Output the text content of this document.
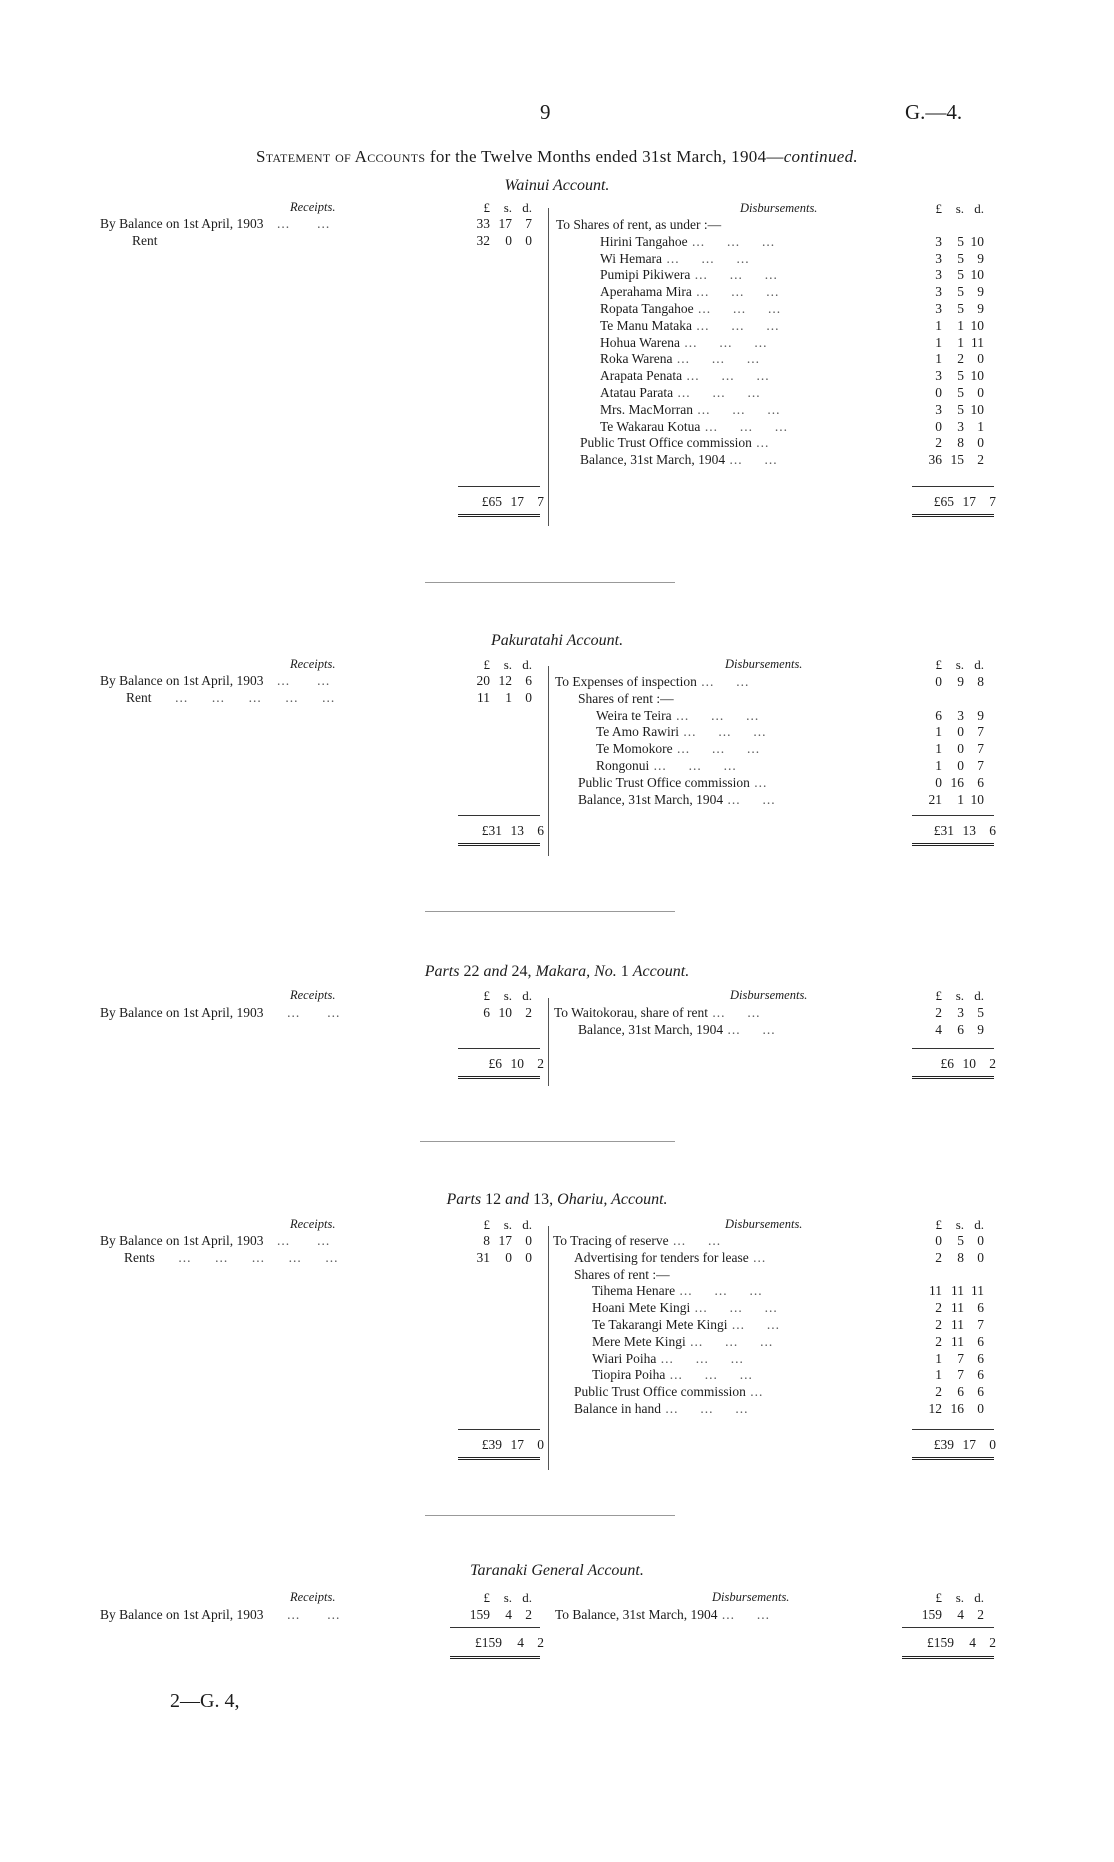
9	G.—4.
Statement of Accounts for the Twelve Months ended 31st March, 1904—continued.
Wainui Account.
Receipts.	£ s. d.	Disbursements.	£ s. d.
By Balance on 1st April, 1903 ... ...	33 17 7
Rent	32 0 0
To Shares of rent, as under :—
Hirini Tangahoe ...     ...     ...	3 5 10
Wi Hemara ...     ...     ...	3 5 9
Pumipi Pikiwera ...     ...     ...	3 5 10
Aperahama Mira ...     ...     ...	3 5 9
Ropata Tangahoe ...     ...     ...	3 5 9
Te Manu Mataka ...     ...     ...	1 1 10
Hohua Warena ...     ...     ...	1 1 11
Roka Warena ...     ...     ...	1 2 0
Arapata Penata ...     ...     ...	3 5 10
Atatau Parata ...     ...     ...	0 5 0
Mrs. MacMorran ...     ...     ...	3 5 10
Te Wakarau Kotua ...     ...     ...	0 3 1
Public Trust Office commission ...	2 8 0
Balance, 31st March, 1904 ...     ...	36 15 2
£65 17 7	£65 17 7
Pakuratahi Account.
Receipts.	£ s. d.	Disbursements.	£ s. d.
By Balance on 1st April, 1903 ... ...	20 12 6
Rent ... ... ... ... ...	11 1 0
To Expenses of inspection ...     ...	0 9 8
Shares of rent :—
Weira te Teira ...     ...     ...	6 3 9
Te Amo Rawiri ...     ...     ...	1 0 7
Te Momokore ...     ...     ...	1 0 7
Rongonui ...     ...     ...	1 0 7
Public Trust Office commission ...	0 16 6
Balance, 31st March, 1904 ...     ...	21 1 10
£31 13 6	£31 13 6
Parts 22 and 24, Makara, No. 1 Account.
Receipts.	£ s. d.	Disbursements.	£ s. d.
By Balance on 1st April, 1903 ... ...	6 10 2 To Waitokorau, share of rent ...     ...	2 3 5
Balance, 31st March, 1904 ...     ...	4 6 9
£6 10 2	£6 10 2
Parts 12 and 13, Ohariu, Account.
Receipts.	£ s. d.	Disbursements.	£ s. d.
By Balance on 1st April, 1903 ... ...	8 17 0
Rents ... ... ... ... ...	31 0 0
To Tracing of reserve ...     ...	0 5 0
Advertising for tenders for lease ...	2 8 0
Shares of rent :—
Tihema Henare ...     ...     ...	11 11 11
Hoani Mete Kingi ...     ...     ...	2 11 6
Te Takarangi Mete Kingi ...     ...	2 11 7
Mere Mete Kingi ...     ...     ...	2 11 6
Wiari Poiha ...     ...     ...	1 7 6
Tiopira Poiha ...     ...     ...	1 7 6
Public Trust Office commission ...	2 6 6
Balance in hand ...     ...     ...	12 16 0
£39 17 0	£39 17 0
Taranaki General Account.
Receipts.	£ s. d.	Disbursements.	£ s. d.
By Balance on 1st April, 1903 ... ...	159 4 2 To Balance, 31st March, 1904 ...     ...	159 4 2
£159 4 2	£159 4 2
2—G. 4,
